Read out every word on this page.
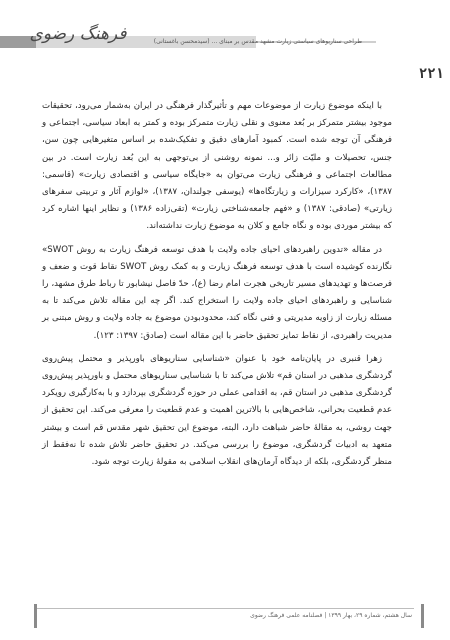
فرهنگ رضوی	طراحی سناریوهای سیاستی زیارت مشهد مقدس بر مبنای ... (سیدمحسن باغستانی)
۲۲۱

با اینکه موضوع زیارت از موضوعات مهم و تأثیرگذار فرهنگی در ایران به‌شمار می‌رود، تحقیقات موجود بیشتر متمرکز بر بُعد معنوی و نقلی زیارت متمرکز بوده و کمتر به ابعاد سیاسی، اجتماعی و فرهنگی آن توجه شده است. کمبود آمارهای دقیق و تفکیک‌شده بر اساس متغیرهایی چون سن، جنس، تحصیلات و ملیّت زائر و... نمونه روشنی از بی‌توجهی به این بُعد زیارت است. در بین مطالعات اجتماعی و فرهنگی زیارت می‌توان به «جایگاه سیاسی و اقتصادی زیارت» (قاسمی: ۱۳۸۷)، «کارکرد سیزارات و زیارتگاه‌ها» (یوسفی جولندان، ۱۳۸۷)، «لوازم آثار و تربیتی سفرهای زیارتی» (صادقی: ۱۳۸۷) و «فهم جامعه‌شناختی زیارت» (تقی‌زاده ۱۳۸۶) و نظایر اینها اشاره کرد که بیشتر موردی بوده و نگاه جامع و کلان به موضوع زیارت نداشته‌اند.

در مقاله «تدوین راهبردهای احیای جاده ولایت با هدف توسعه فرهنگ زیارت به روش SWOT» نگارنده کوشیده است با هدف توسعه فرهنگ زیارت و به کمک روش SWOT نقاط قوت و ضعف و فرصت‌ها و تهدیدهای مسیر تاریخی هجرت امام رضا (ع)، حدّ فاصل نیشابور تا رباط طرق مشهد، را شناسایی و راهبردهای احیای جاده ولایت را استخراج کند. اگر چه این مقاله تلاش می‌کند تا به مسئله زیارت از زاویه مدیریتی و فنی نگاه کند، محدودبودن موضوع به جاده ولایت و روش مبتنی بر مدیریت راهبردی، از نقاط تمایز تحقیق حاضر با این مقاله است (صادق: ۱۳۹۷: ۱۲۳).

زهرا قنبری در پایان‌نامه خود با عنوان «شناسایی سناریوهای باورپذیر و محتمل پیش‌روی گردشگری مذهبی در استان قم» تلاش می‌کند تا با شناسایی سناریوهای محتمل و باورپذیر پیش‌روی گردشگری مذهبی در استان قم، به اقدامی عملی در حوزه گردشگری بپردازد و با به‌کارگیری رویکرد عدم قطعیت بحرانی، شاخص‌هایی با بالاترین اهمیت و عدم قطعیت را معرفی می‌کند. این تحقیق از جهت روشی، به مقالهٔ حاضر شباهت دارد، البته، موضوع این تحقیق شهر مقدس قم است و بیشتر متعهد به ادبیات گردشگری، موضوع را بررسی می‌کند. در تحقیق حاضر تلاش شده تا نه‌فقط از منظر گردشگری، بلکه از دیدگاه آرمان‌های انقلاب اسلامی به مقولهٔ زیارت توجه شود.

سال هشتم، شماره ۲۹، بهار ۱۳۹۹ | فصلنامه علمی فرهنگ رضوی
